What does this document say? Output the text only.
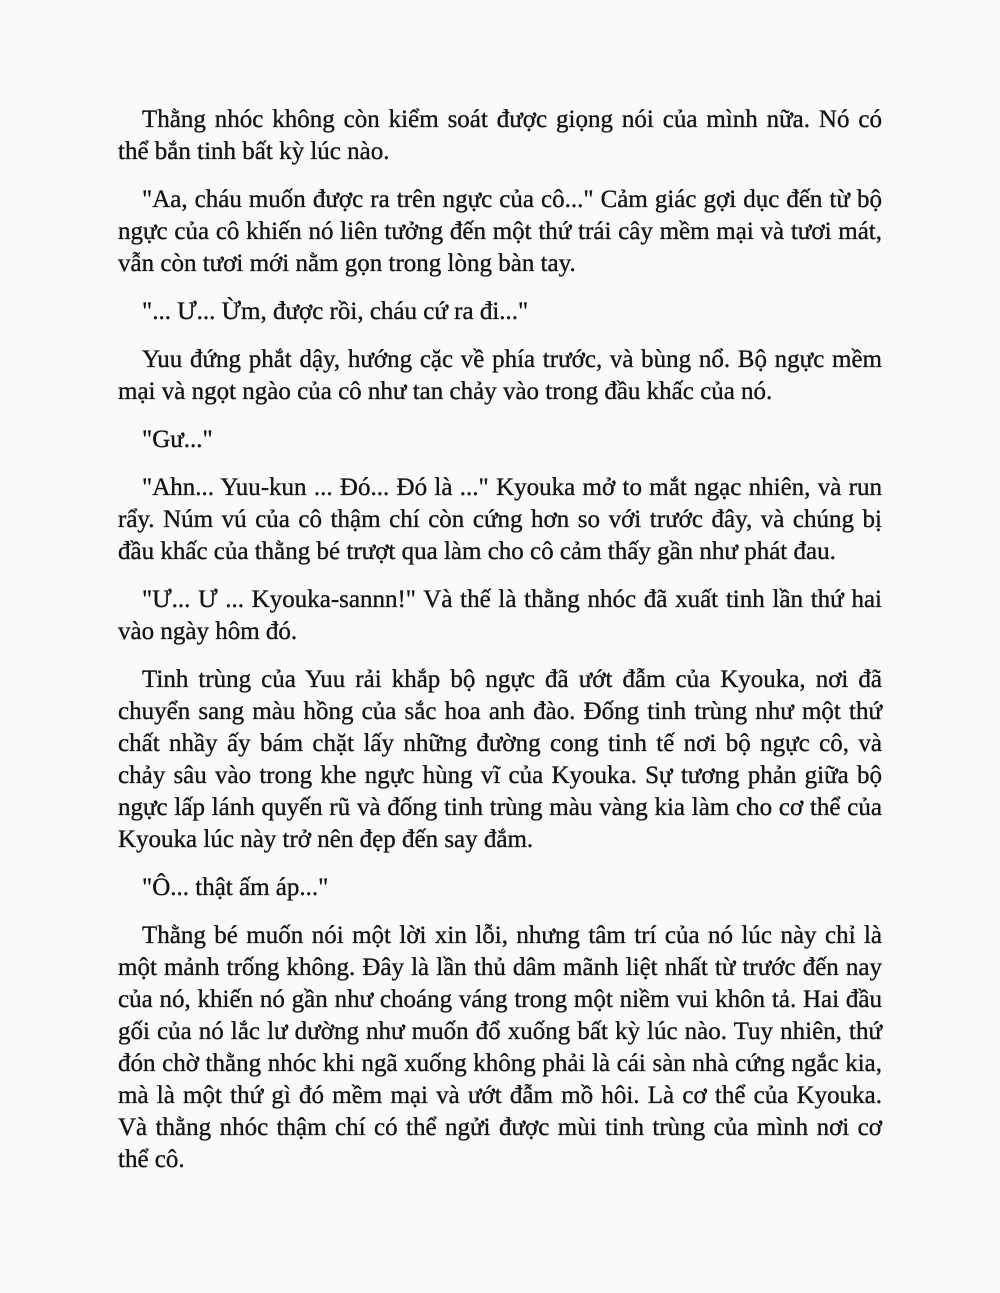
Thằng nhóc không còn kiểm soát được giọng nói của mình nữa. Nó có thể bắn tinh bất kỳ lúc nào.

"Aa, cháu muốn được ra trên ngực của cô..." Cảm giác gợi dục đến từ bộ ngực của cô khiến nó liên tưởng đến một thứ trái cây mềm mại và tươi mát, vẫn còn tươi mới nằm gọn trong lòng bàn tay.

"... Ư... Ừm, được rồi, cháu cứ ra đi..."

Yuu đứng phắt dậy, hướng cặc về phía trước, và bùng nổ. Bộ ngực mềm mại và ngọt ngào của cô như tan chảy vào trong đầu khấc của nó.

"Gư..."

"Ahn... Yuu-kun ... Đó... Đó là ..." Kyouka mở to mắt ngạc nhiên, và run rẩy. Núm vú của cô thậm chí còn cứng hơn so với trước đây, và chúng bị đầu khấc của thằng bé trượt qua làm cho cô cảm thấy gần như phát đau.

"Ư... Ư ... Kyouka-sannn!" Và thế là thằng nhóc đã xuất tinh lần thứ hai vào ngày hôm đó.

Tinh trùng của Yuu rải khắp bộ ngực đã ướt đẫm của Kyouka, nơi đã chuyển sang màu hồng của sắc hoa anh đào. Đống tinh trùng như một thứ chất nhầy ấy bám chặt lấy những đường cong tinh tế nơi bộ ngực cô, và chảy sâu vào trong khe ngực hùng vĩ của Kyouka. Sự tương phản giữa bộ ngực lấp lánh quyến rũ và đống tinh trùng màu vàng kia làm cho cơ thể của Kyouka lúc này trở nên đẹp đến say đắm.

"Ô... thật ấm áp..."

Thằng bé muốn nói một lời xin lỗi, nhưng tâm trí của nó lúc này chỉ là một mảnh trống không. Đây là lần thủ dâm mãnh liệt nhất từ trước đến nay của nó, khiến nó gần như choáng váng trong một niềm vui khôn tả. Hai đầu gối của nó lắc lư dường như muốn đổ xuống bất kỳ lúc nào. Tuy nhiên, thứ đón chờ thằng nhóc khi ngã xuống không phải là cái sàn nhà cứng ngắc kia, mà là một thứ gì đó mềm mại và ướt đẫm mồ hôi. Là cơ thể của Kyouka. Và thằng nhóc thậm chí có thể ngửi được mùi tinh trùng của mình nơi cơ thể cô.
